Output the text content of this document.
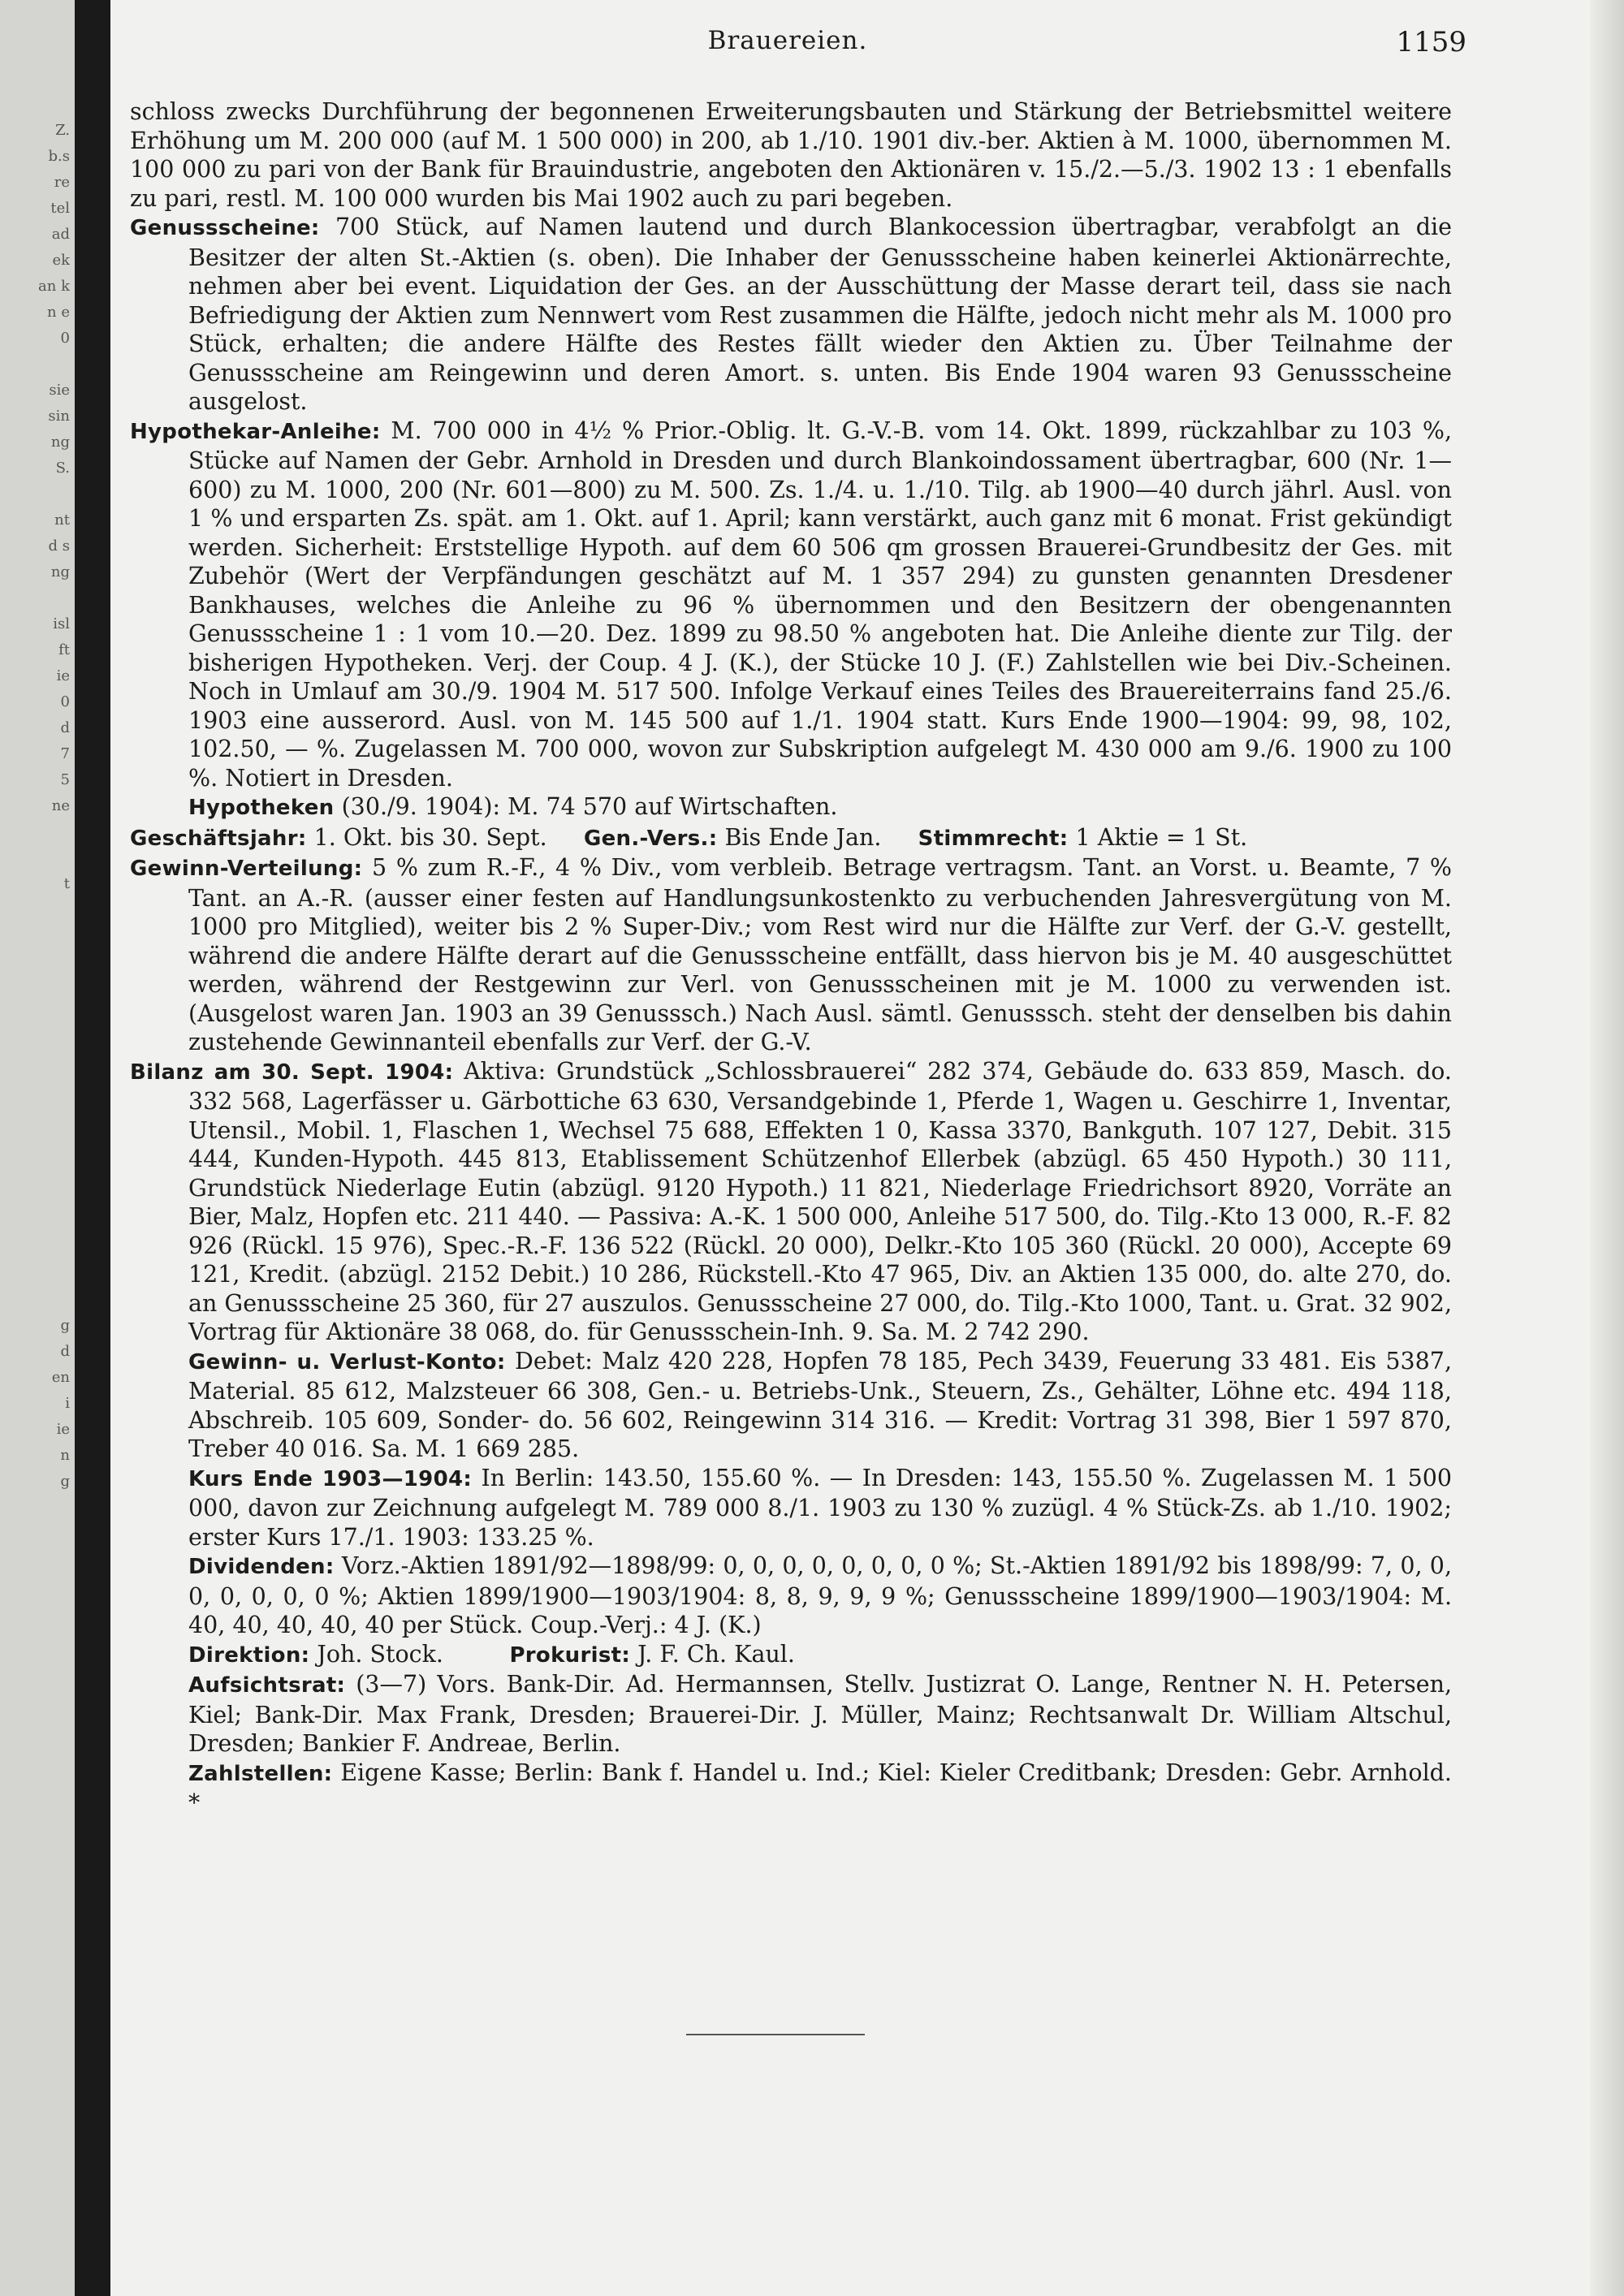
Z.
b.s
re
tel
ad
ek
an k
n e
0
sie
sin
ng
S.
nt
d s
ng
isl
ft
ie
0
d
7
5
ne
t
g
d
en
i
ie
n
g
Brauereien.	1159

schloss zwecks Durchführung der begonnenen Erweiterungsbauten und Stärkung der Betriebsmittel weitere Erhöhung um M. 200 000 (auf M. 1 500 000) in 200, ab 1./10. 1901 div.-ber. Aktien à M. 1000, übernommen M. 100 000 zu pari von der Bank für Brauindustrie, angeboten den Aktionären v. 15./2.—5./3. 1902 13 : 1 ebenfalls zu pari, restl. M. 100 000 wurden bis Mai 1902 auch zu pari begeben.

Genussscheine: 700 Stück, auf Namen lautend und durch Blankocession übertragbar, verabfolgt an die Besitzer der alten St.-Aktien (s. oben). Die Inhaber der Genussscheine haben keinerlei Aktionärrechte, nehmen aber bei event. Liquidation der Ges. an der Ausschüttung der Masse derart teil, dass sie nach Befriedigung der Aktien zum Nennwert vom Rest zusammen die Hälfte, jedoch nicht mehr als M. 1000 pro Stück, erhalten; die andere Hälfte des Restes fällt wieder den Aktien zu. Über Teilnahme der Genussscheine am Reingewinn und deren Amort. s. unten. Bis Ende 1904 waren 93 Genussscheine ausgelost.

Hypothekar-Anleihe: M. 700 000 in 4½ % Prior.-Oblig. lt. G.-V.-B. vom 14. Okt. 1899, rückzahlbar zu 103 %, Stücke auf Namen der Gebr. Arnhold in Dresden und durch Blankoindossament übertragbar, 600 (Nr. 1—600) zu M. 1000, 200 (Nr. 601—800) zu M. 500. Zs. 1./4. u. 1./10. Tilg. ab 1900—40 durch jährl. Ausl. von 1 % und ersparten Zs. spät. am 1. Okt. auf 1. April; kann verstärkt, auch ganz mit 6 monat. Frist gekündigt werden. Sicherheit: Erststellige Hypoth. auf dem 60 506 qm grossen Brauerei-Grundbesitz der Ges. mit Zubehör (Wert der Verpfändungen geschätzt auf M. 1 357 294) zu gunsten genannten Dresdener Bankhauses, welches die Anleihe zu 96 % übernommen und den Besitzern der obengenannten Genussscheine 1 : 1 vom 10.—20. Dez. 1899 zu 98.50 % angeboten hat. Die Anleihe diente zur Tilg. der bisherigen Hypotheken. Verj. der Coup. 4 J. (K.), der Stücke 10 J. (F.) Zahlstellen wie bei Div.-Scheinen. Noch in Umlauf am 30./9. 1904 M. 517 500. Infolge Verkauf eines Teiles des Brauereiterrains fand 25./6. 1903 eine ausserord. Ausl. von M. 145 500 auf 1./1. 1904 statt. Kurs Ende 1900—1904: 99, 98, 102, 102.50, — %. Zugelassen M. 700 000, wovon zur Subskription aufgelegt M. 430 000 am 9./6. 1900 zu 100 %. Notiert in Dresden.

Hypotheken (30./9. 1904): M. 74 570 auf Wirtschaften.

Geschäftsjahr: 1. Okt. bis 30. Sept. Gen.-Vers.: Bis Ende Jan. Stimmrecht: 1 Aktie = 1 St.

Gewinn-Verteilung: 5 % zum R.-F., 4 % Div., vom verbleib. Betrage vertragsm. Tant. an Vorst. u. Beamte, 7 % Tant. an A.-R. (ausser einer festen auf Handlungsunkostenkto zu verbuchenden Jahresvergütung von M. 1000 pro Mitglied), weiter bis 2 % Super-Div.; vom Rest wird nur die Hälfte zur Verf. der G.-V. gestellt, während die andere Hälfte derart auf die Genussscheine entfällt, dass hiervon bis je M. 40 ausgeschüttet werden, während der Restgewinn zur Verl. von Genussscheinen mit je M. 1000 zu verwenden ist. (Ausgelost waren Jan. 1903 an 39 Genusssch.) Nach Ausl. sämtl. Genusssch. steht der denselben bis dahin zustehende Gewinnanteil ebenfalls zur Verf. der G.-V.

Bilanz am 30. Sept. 1904: Aktiva: Grundstück „Schlossbrauerei“ 282 374, Gebäude do. 633 859, Masch. do. 332 568, Lagerfässer u. Gärbottiche 63 630, Versandgebinde 1, Pferde 1, Wagen u. Geschirre 1, Inventar, Utensil., Mobil. 1, Flaschen 1, Wechsel 75 688, Effekten 1 0, Kassa 3370, Bankguth. 107 127, Debit. 315 444, Kunden-Hypoth. 445 813, Etablissement Schützenhof Ellerbek (abzügl. 65 450 Hypoth.) 30 111, Grundstück Niederlage Eutin (abzügl. 9120 Hypoth.) 11 821, Niederlage Friedrichsort 8920, Vorräte an Bier, Malz, Hopfen etc. 211 440. — Passiva: A.-K. 1 500 000, Anleihe 517 500, do. Tilg.-Kto 13 000, R.-F. 82 926 (Rückl. 15 976), Spec.-R.-F. 136 522 (Rückl. 20 000), Delkr.-Kto 105 360 (Rückl. 20 000), Accepte 69 121, Kredit. (abzügl. 2152 Debit.) 10 286, Rückstell.-Kto 47 965, Div. an Aktien 135 000, do. alte 270, do. an Genussscheine 25 360, für 27 auszulos. Genussscheine 27 000, do. Tilg.-Kto 1000, Tant. u. Grat. 32 902, Vortrag für Aktionäre 38 068, do. für Genussschein-Inh. 9. Sa. M. 2 742 290.

Gewinn- u. Verlust-Konto: Debet: Malz 420 228, Hopfen 78 185, Pech 3439, Feuerung 33 481. Eis 5387, Material. 85 612, Malzsteuer 66 308, Gen.- u. Betriebs-Unk., Steuern, Zs., Gehälter, Löhne etc. 494 118, Abschreib. 105 609, Sonder- do. 56 602, Reingewinn 314 316. — Kredit: Vortrag 31 398, Bier 1 597 870, Treber 40 016. Sa. M. 1 669 285.

Kurs Ende 1903—1904: In Berlin: 143.50, 155.60 %. — In Dresden: 143, 155.50 %. Zugelassen M. 1 500 000, davon zur Zeichnung aufgelegt M. 789 000 8./1. 1903 zu 130 % zuzügl. 4 % Stück-Zs. ab 1./10. 1902; erster Kurs 17./1. 1903: 133.25 %.

Dividenden: Vorz.-Aktien 1891/92—1898/99: 0, 0, 0, 0, 0, 0, 0, 0 %; St.-Aktien 1891/92 bis 1898/99: 7, 0, 0, 0, 0, 0, 0, 0 %; Aktien 1899/1900—1903/1904: 8, 8, 9, 9, 9 %; Genussscheine 1899/1900—1903/1904: M. 40, 40, 40, 40, 40 per Stück. Coup.-Verj.: 4 J. (K.)

Direktion: Joh. Stock.	Prokurist: J. F. Ch. Kaul.

Aufsichtsrat: (3—7) Vors. Bank-Dir. Ad. Hermannsen, Stellv. Justizrat O. Lange, Rentner N. H. Petersen, Kiel; Bank-Dir. Max Frank, Dresden; Brauerei-Dir. J. Müller, Mainz; Rechtsanwalt Dr. William Altschul, Dresden; Bankier F. Andreae, Berlin.

Zahlstellen: Eigene Kasse; Berlin: Bank f. Handel u. Ind.; Kiel: Kieler Creditbank; Dresden: Gebr. Arnhold. *
